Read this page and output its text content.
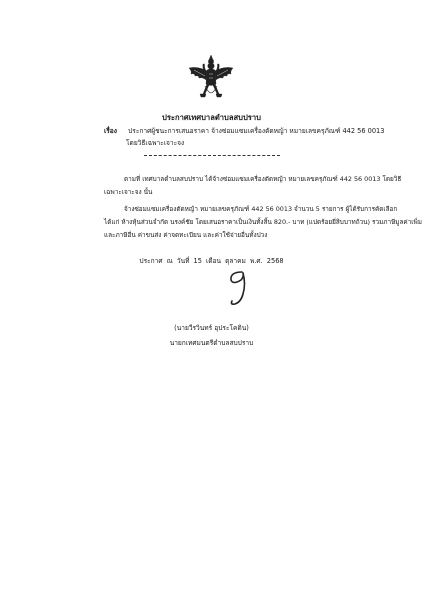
ประกาศเทศบาลตำบลสบปราบ
เรื่อง ประกาศผู้ชนะการเสนอราคา จ้างซ่อมแซมเครื่องตัดหญ้า หมายเลขครุภัณฑ์ 442 56 0013
โดยวิธีเฉพาะเจาะจง
ตามที่ เทศบาลตำบลสบปราบ ได้จ้างซ่อมแซมเครื่องตัดหญ้า หมายเลขครุภัณฑ์ 442 56 0013 โดยวิธี
เฉพาะเจาะจง นั้น
จ้างซ่อมแซมเครื่องตัดหญ้า หมายเลขครุภัณฑ์ 442 56 0013 จำนวน 5 รายการ ผู้ได้รับการคัดเลือก
ได้แก่ ห้างหุ้นส่วนจำกัด นรงค์ชัย โดยเสนอราคาเป็นเงินทั้งสิ้น 820.- บาท (แปดร้อยยี่สิบบาทถ้วน) รวมภาษีมูลค่าเพิ่ม
และภาษีอื่น ค่าขนส่ง ค่าจดทะเบียน และค่าใช้จ่ายอื่นทั้งปวง
ประกาศ ณ วันที่ 15 เดือน ตุลาคม พ.ศ. 2568
(นายวีรวินทร์ อุประโคติน)
นายกเทศมนตรีตำบลสบปราบ
